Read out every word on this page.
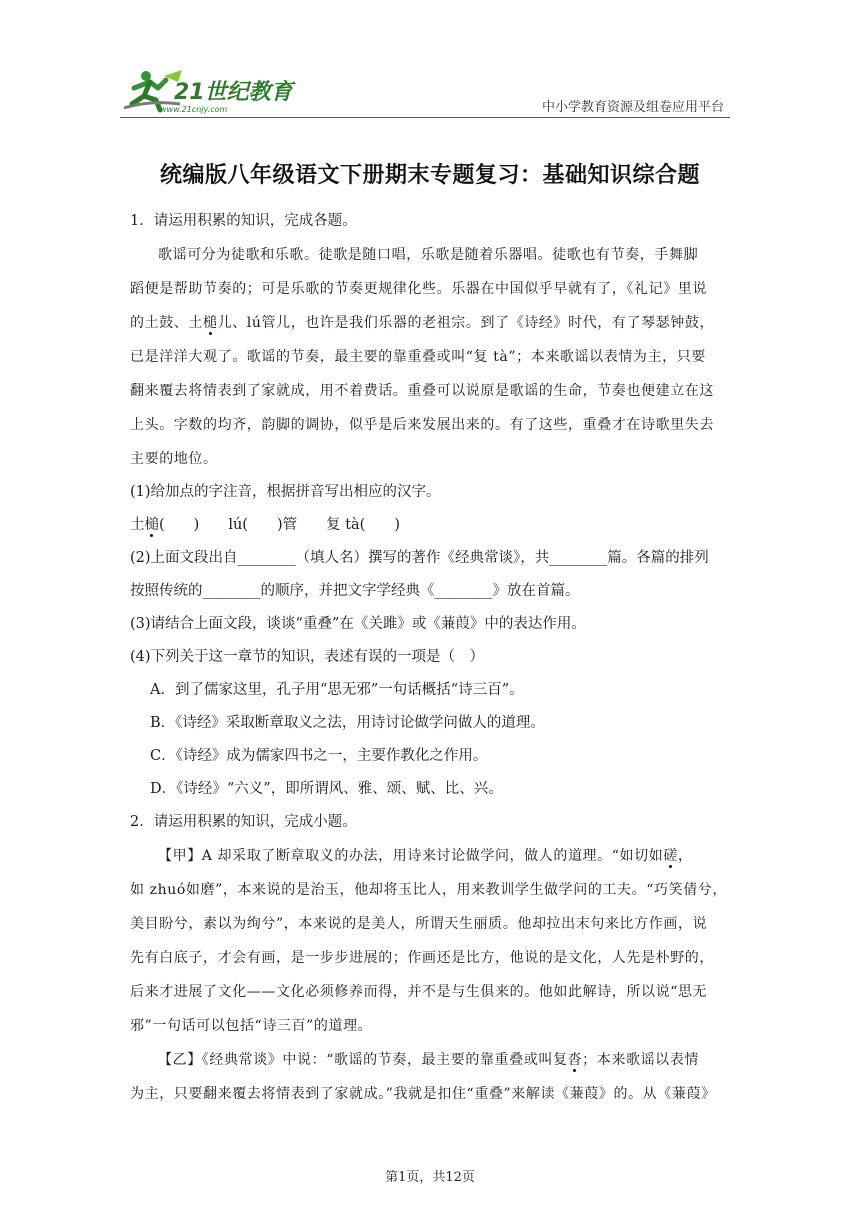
21世纪教育
www.21cnjy.com	中小学教育资源及组卷应用平台
统编版八年级语文下册期末专题复习：基础知识综合题
1．请运用积累的知识，完成各题。
歌谣可分为徒歌和乐歌。徒歌是随口唱，乐歌是随着乐器唱。徒歌也有节奏，手舞脚
蹈便是帮助节奏的；可是乐歌的节奏更规律化些。乐器在中国似乎早就有了，《礼记》里说
的土鼓、土槌儿、lú管儿，也许是我们乐器的老祖宗。到了《诗经》时代，有了琴瑟钟鼓，
已是洋洋大观了。歌谣的节奏，最主要的靠重叠或叫“复 tà”；本来歌谣以表情为主，只要
翻来覆去将情表到了家就成，用不着费话。重叠可以说原是歌谣的生命，节奏也便建立在这
上头。字数的均齐，韵脚的调协，似乎是后来发展出来的。有了这些，重叠才在诗歌里失去
主要的地位。
(1)给加点的字注音，根据拼音写出相应的汉字。
土槌(　　)　　lú(　　)管　　复 tà(　　)
(2)上面文段出自________（填人名）撰写的著作《经典常谈》，共________篇。各篇的排列
按照传统的________的顺序，并把文字学经典《________》放在首篇。
(3)请结合上面文段，谈谈“重叠”在《关雎》或《蒹葭》中的表达作用。
(4)下列关于这一章节的知识，表述有误的一项是（　）
A．到了儒家这里，孔子用“思无邪”一句话概括“诗三百”。
B．《诗经》采取断章取义之法，用诗讨论做学问做人的道理。
C．《诗经》成为儒家四书之一，主要作教化之作用。
D．《诗经》“六义”，即所谓风、雅、颂、赋、比、兴。
2．请运用积累的知识，完成小题。
【甲】A 却采取了断章取义的办法，用诗来讨论做学问，做人的道理。“如切如磋，
如 zhuó如磨”，本来说的是治玉，他却将玉比人，用来教训学生做学问的工夫。“巧笑倩兮，
美目盼兮，素以为绚兮”，本来说的是美人，所谓天生丽质。他却拉出末句来比方作画，说
先有白底子，才会有画，是一步步进展的；作画还是比方，他说的是文化，人先是朴野的，
后来才进展了文化——文化必须修养而得，并不是与生俱来的。他如此解诗，所以说“思无
邪”一句话可以包括“诗三百”的道理。
【乙】《经典常谈》中说：“歌谣的节奏，最主要的靠重叠或叫复沓；本来歌谣以表情
为主，只要翻来覆去将情表到了家就成。”我就是扣住“重叠”来解读《蒹葭》的。从《蒹葭》
第1页，共12页
